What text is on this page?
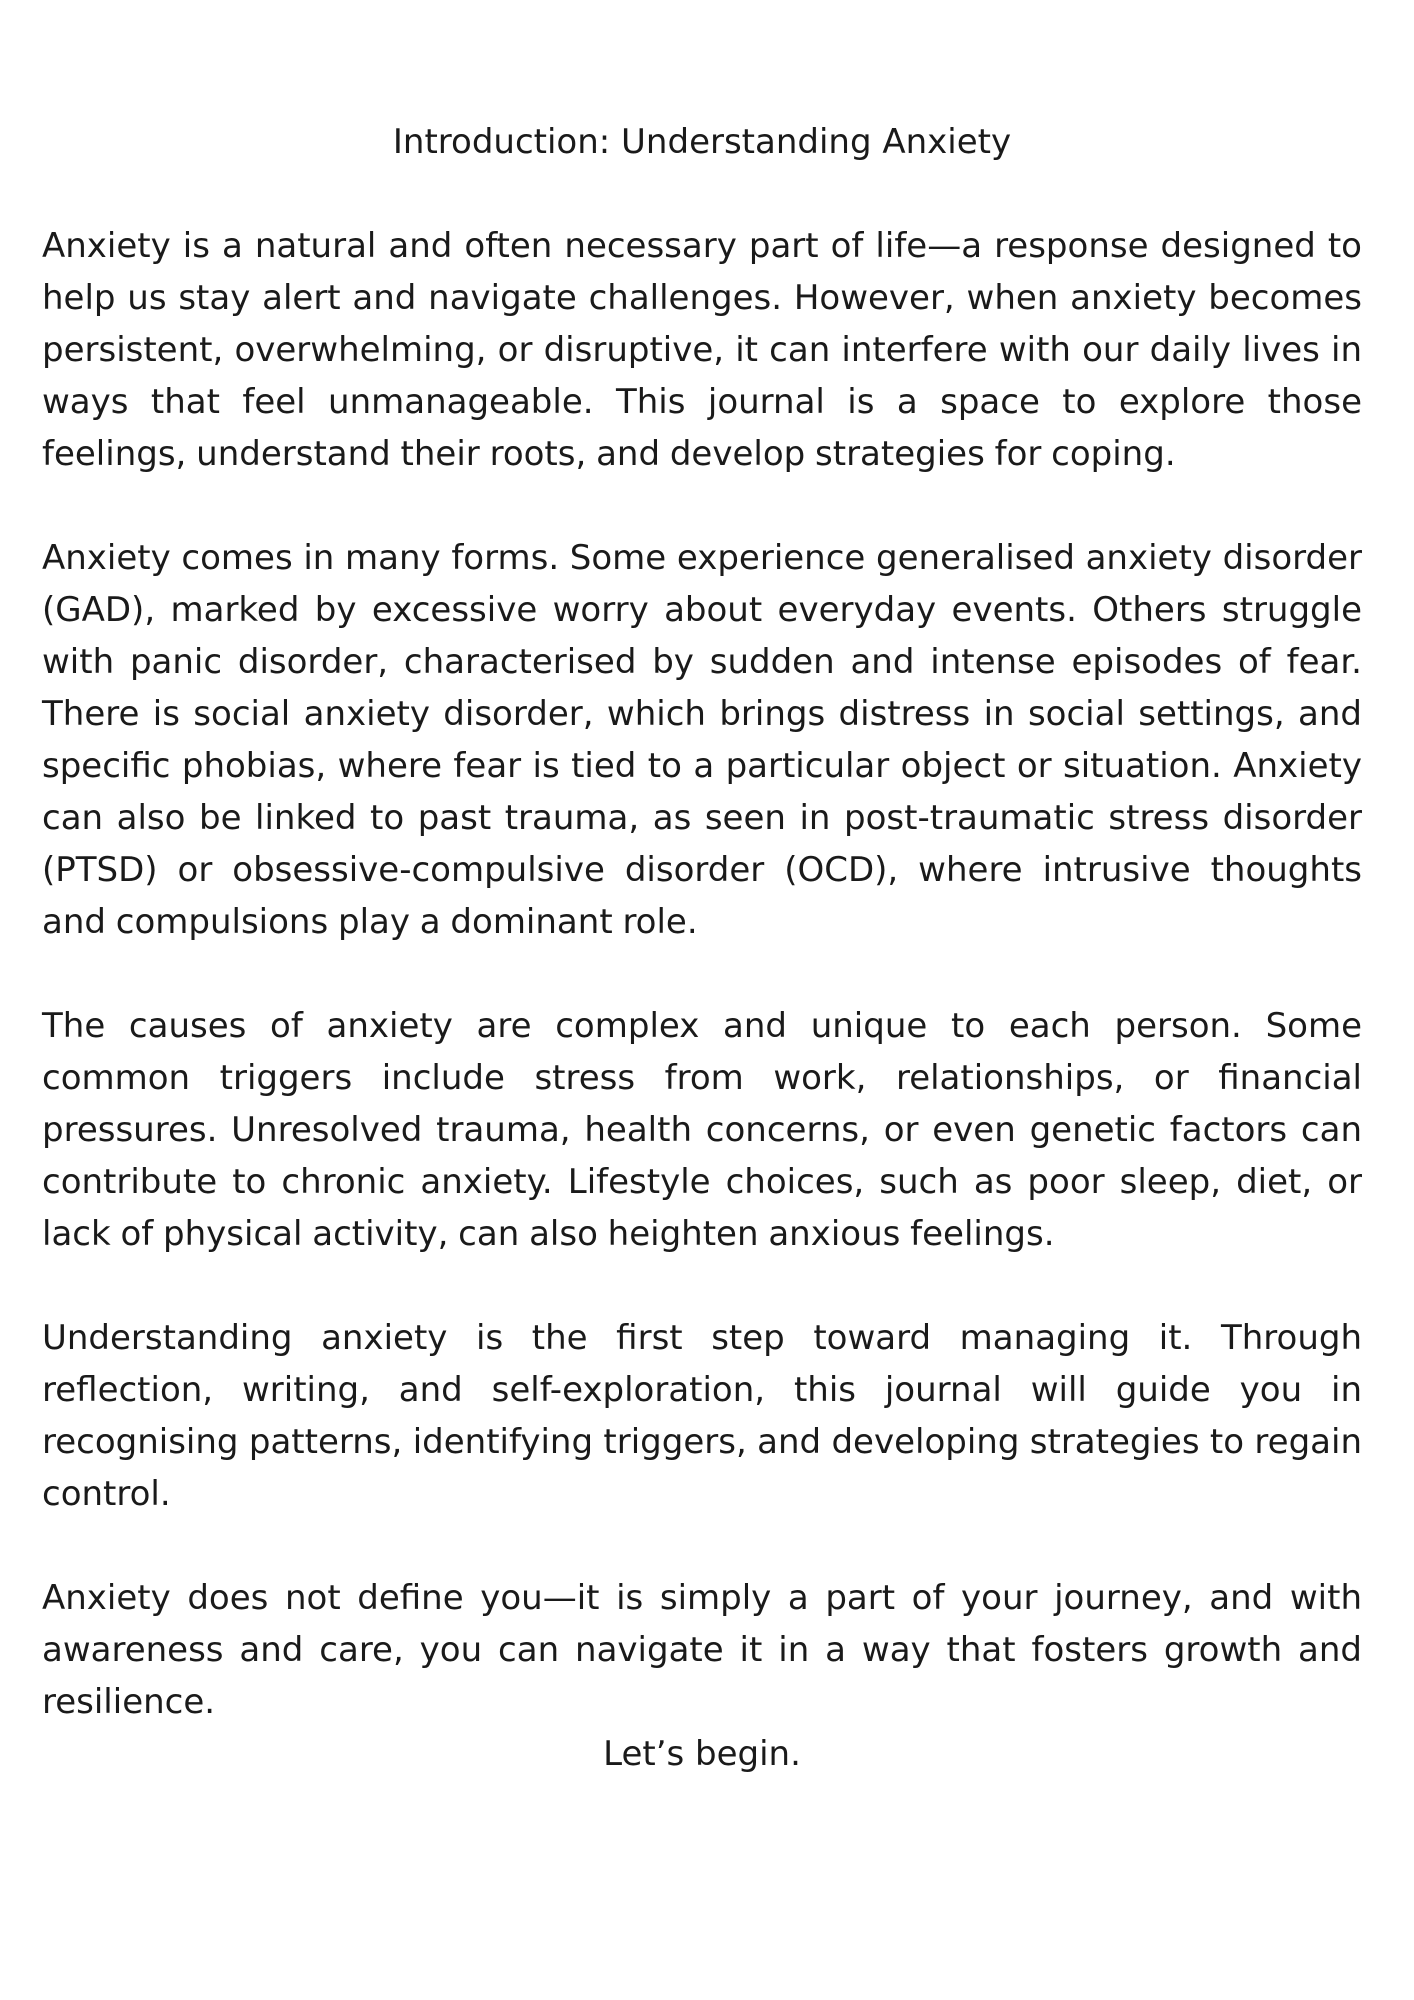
Introduction: Understanding Anxiety

Anxiety is a natural and often necessary part of life—a response designed to help us stay alert and navigate challenges. However, when anxiety becomes persistent, overwhelming, or disruptive, it can interfere with our daily lives in ways that feel unmanageable. This journal is a space to explore those feelings, understand their roots, and develop strategies for coping.

Anxiety comes in many forms. Some experience generalised anxiety disorder (GAD), marked by excessive worry about everyday events. Others struggle with panic disorder, characterised by sudden and intense episodes of fear. There is social anxiety disorder, which brings distress in social settings, and specific phobias, where fear is tied to a particular object or situation. Anxiety can also be linked to past trauma, as seen in post-traumatic stress disorder (PTSD) or obsessive-compulsive disorder (OCD), where intrusive thoughts and compulsions play a dominant role.

The causes of anxiety are complex and unique to each person. Some common triggers include stress from work, relationships, or financial pressures. Unresolved trauma, health concerns, or even genetic factors can contribute to chronic anxiety. Lifestyle choices, such as poor sleep, diet, or lack of physical activity, can also heighten anxious feelings.

Understanding anxiety is the first step toward managing it. Through reflection, writing, and self-exploration, this journal will guide you in recognising patterns, identifying triggers, and developing strategies to regain control.

Anxiety does not define you—it is simply a part of your journey, and with awareness and care, you can navigate it in a way that fosters growth and resilience.

Let’s begin.
